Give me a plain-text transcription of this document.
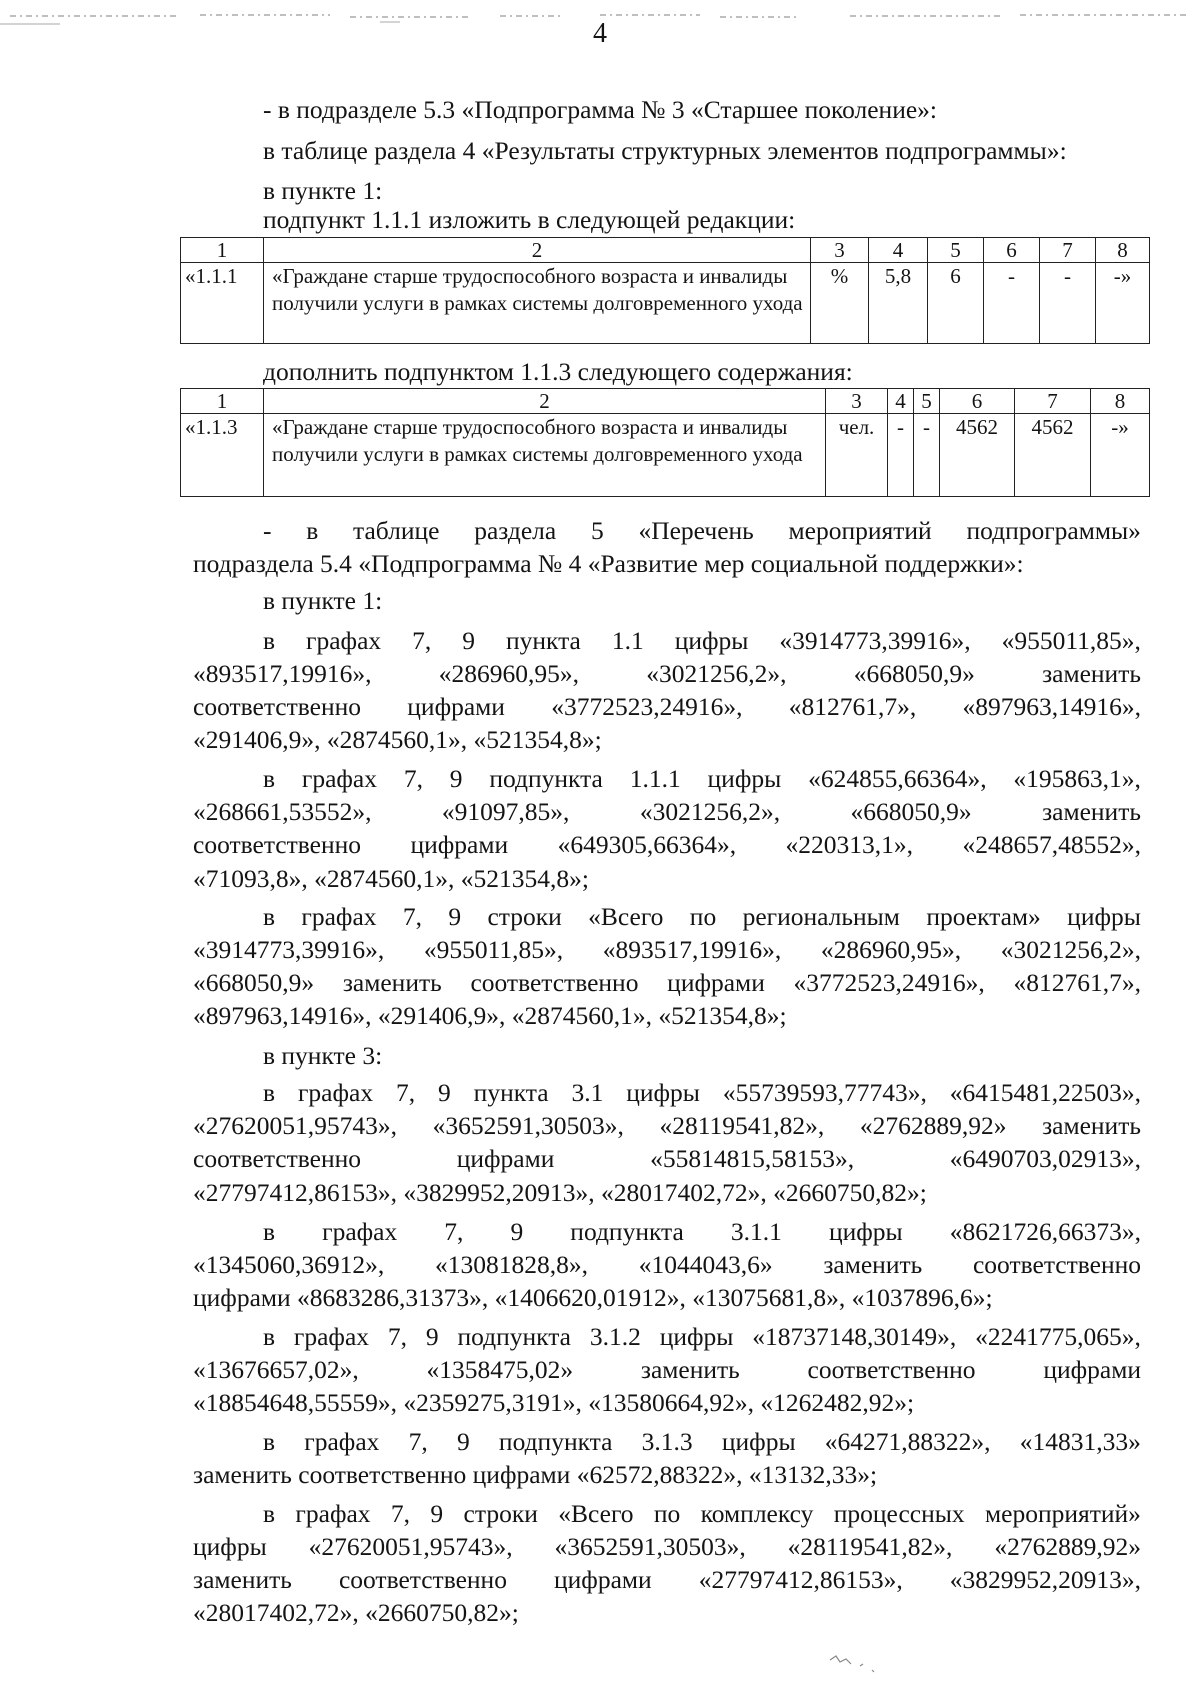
4
- в подразделе 5.3 «Подпрограмма № 3 «Старшее поколение»:
в таблице раздела 4 «Результаты структурных элементов подпрограммы»:
в пункте 1:
подпункт 1.1.1 изложить в следующей редакции:
1	2	3	4	5	6	7	8
«1.1.1	«Граждане старше трудоспособного возраста и инвалиды получили услуги в рамках системы долговременного ухода	%	5,8	6	-	-	-»
дополнить подпунктом 1.1.3 следующего содержания:
1	2	3	4	5	6	7	8
«1.1.3	«Граждане старше трудоспособного возраста и инвалиды получили услуги в рамках системы долговременного ухода	чел.	-	-	4562	4562	-»
- в таблице раздела 5 «Перечень мероприятий подпрограммы»
подраздела 5.4 «Подпрограмма № 4 «Развитие мер социальной поддержки»:
в пункте 1:
в графах 7, 9 пункта 1.1 цифры «3914773,39916», «955011,85»,
«893517,19916»,	«286960,95»,	«3021256,2»,	«668050,9»	заменить
соответственно цифрами «3772523,24916», «812761,7», «897963,14916»,
«291406,9», «2874560,1», «521354,8»;
в графах 7, 9 подпункта 1.1.1 цифры «624855,66364», «195863,1»,
«268661,53552»,	«91097,85»,	«3021256,2»,	«668050,9»	заменить
соответственно цифрами «649305,66364», «220313,1», «248657,48552»,
«71093,8», «2874560,1», «521354,8»;
в графах 7, 9 строки «Всего по региональным проектам» цифры
«3914773,39916», «955011,85», «893517,19916», «286960,95», «3021256,2»,
«668050,9» заменить соответственно цифрами «3772523,24916», «812761,7»,
«897963,14916», «291406,9», «2874560,1», «521354,8»;
в пункте 3:
в графах 7, 9 пункта 3.1 цифры «55739593,77743», «6415481,22503»,
«27620051,95743», «3652591,30503», «28119541,82», «2762889,92» заменить
соответственно	цифрами	«55814815,58153»,	«6490703,02913»,
«27797412,86153», «3829952,20913», «28017402,72», «2660750,82»;
в графах 7, 9 подпункта 3.1.1 цифры «8621726,66373»,
«1345060,36912», «13081828,8», «1044043,6» заменить соответственно
цифрами «8683286,31373», «1406620,01912», «13075681,8», «1037896,6»;
в графах 7, 9 подпункта 3.1.2 цифры «18737148,30149», «2241775,065»,
«13676657,02»,	«1358475,02»	заменить	соответственно	цифрами
«18854648,55559», «2359275,3191», «13580664,92», «1262482,92»;
в графах 7, 9 подпункта 3.1.3 цифры «64271,88322», «14831,33»
заменить соответственно цифрами «62572,88322», «13132,33»;
в графах 7, 9 строки «Всего по комплексу процессных мероприятий»
цифры «27620051,95743», «3652591,30503», «28119541,82», «2762889,92»
заменить соответственно цифрами «27797412,86153», «3829952,20913»,
«28017402,72», «2660750,82»;
